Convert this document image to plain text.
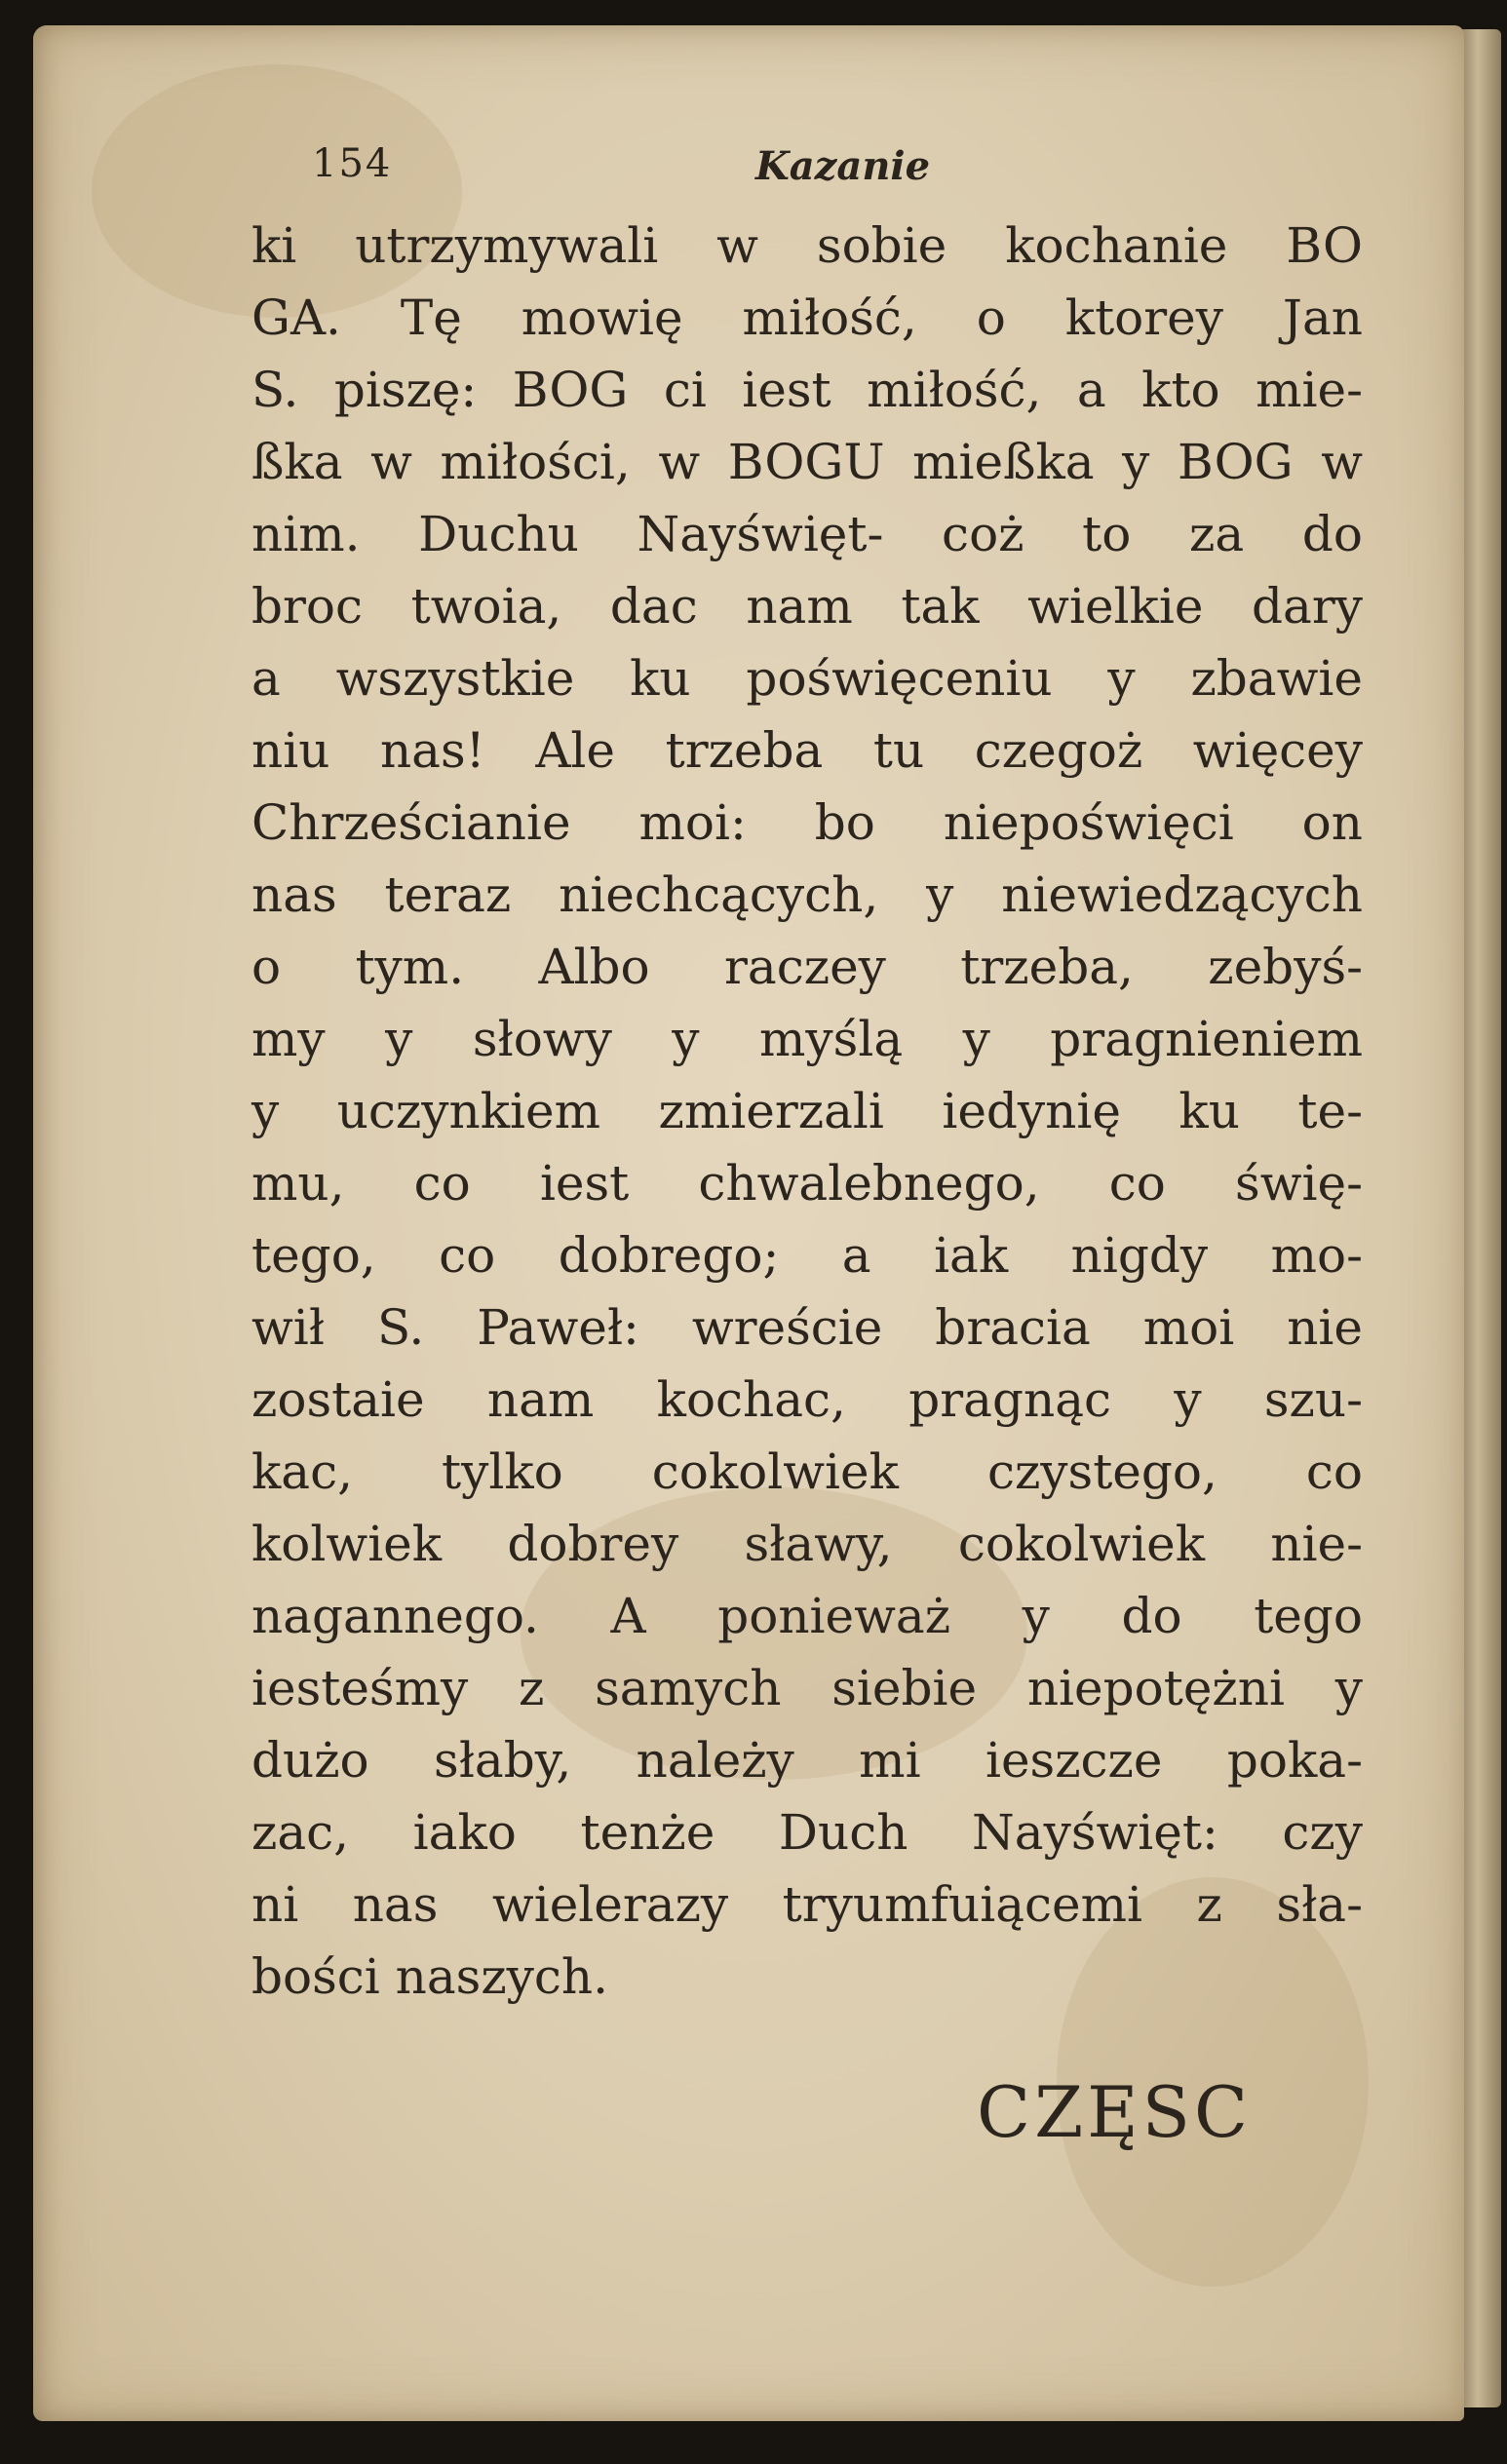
154	Kazanie
ki utrzymywali w sobie kochanie BO
GA. Tę mowię miłość, o ktorey Jan
S. piszę: BOG ci iest miłość, a kto mie-
ßka w miłości, w BOGU mießka y BOG w
nim. Duchu Nayświęt- coż to za do
broc twoia, dac nam tak wielkie dary
a wszystkie ku poświęceniu y zbawie
niu nas! Ale trzeba tu czegoż więcey
Chrześcianie moi: bo niepoświęci on
nas teraz niechcących, y niewiedzących
o tym. Albo raczey trzeba, zebyś-
my y słowy y myślą y pragnieniem
y uczynkiem zmierzali iedynię ku te-
mu, co iest chwalebnego, co świę-
tego, co dobrego; a iak nigdy mo-
wił S. Paweł: wreście bracia moi nie
zostaie nam kochac, pragnąc y szu-
kac, tylko cokolwiek czystego, co
kolwiek dobrey sławy, cokolwiek nie-
nagannego. A ponieważ y do tego
iesteśmy z samych siebie niepotężni y
dużo słaby, należy mi ieszcze poka-
zac, iako tenże Duch Nayświęt: czy
ni nas wielerazy tryumfuiącemi z sła-
bości naszych.
CZĘSC
